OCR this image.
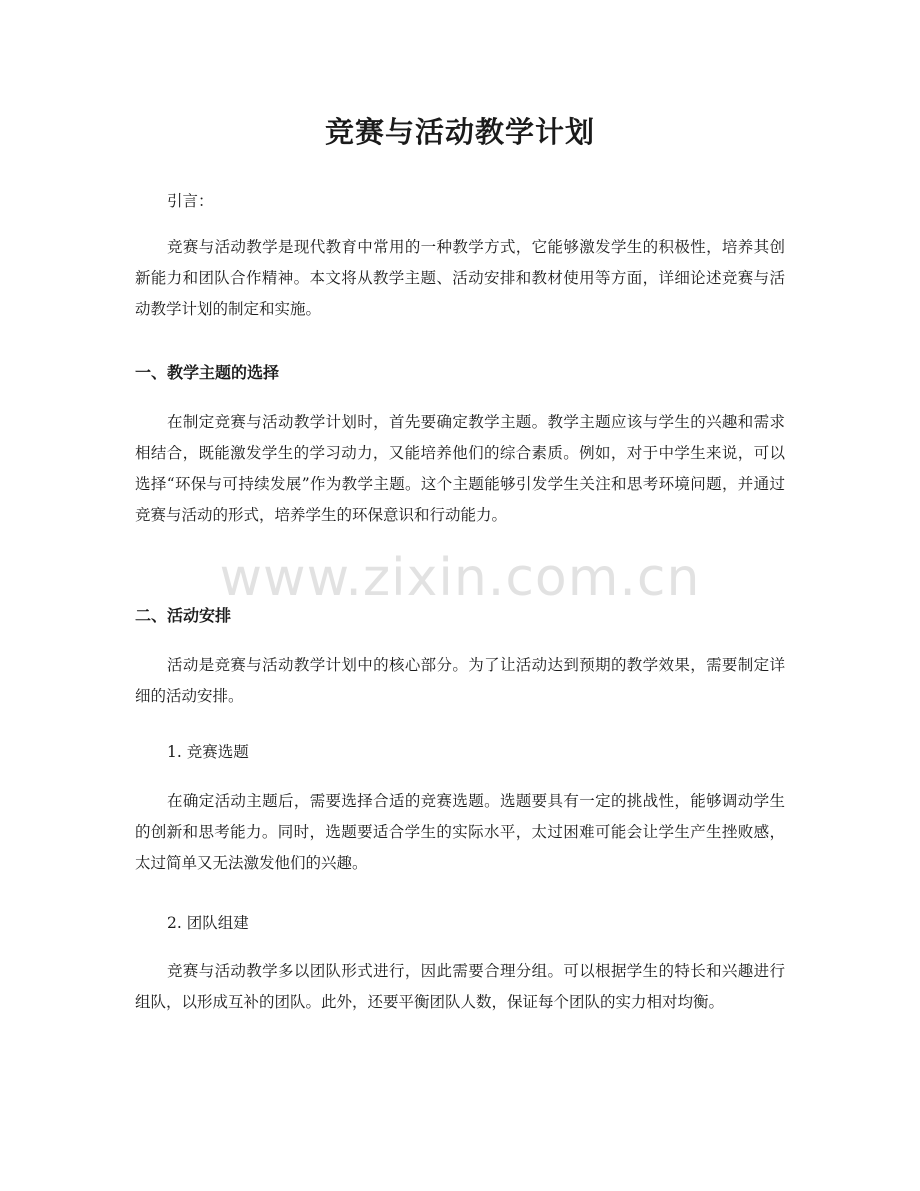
www.zixin.com.cn
竞赛与活动教学计划

引言：

竞赛与活动教学是现代教育中常用的一种教学方式，它能够激发学生的积极性，培养其创新能力和团队合作精神。本文将从教学主题、活动安排和教材使用等方面，详细论述竞赛与活动教学计划的制定和实施。

一、教学主题的选择

在制定竞赛与活动教学计划时，首先要确定教学主题。教学主题应该与学生的兴趣和需求相结合，既能激发学生的学习动力，又能培养他们的综合素质。例如，对于中学生来说，可以选择“环保与可持续发展”作为教学主题。这个主题能够引发学生关注和思考环境问题，并通过竞赛与活动的形式，培养学生的环保意识和行动能力。

二、活动安排

活动是竞赛与活动教学计划中的核心部分。为了让活动达到预期的教学效果，需要制定详细的活动安排。

1. 竞赛选题

在确定活动主题后，需要选择合适的竞赛选题。选题要具有一定的挑战性，能够调动学生的创新和思考能力。同时，选题要适合学生的实际水平，太过困难可能会让学生产生挫败感，太过简单又无法激发他们的兴趣。

2. 团队组建

竞赛与活动教学多以团队形式进行，因此需要合理分组。可以根据学生的特长和兴趣进行组队，以形成互补的团队。此外，还要平衡团队人数，保证每个团队的实力相对均衡。
